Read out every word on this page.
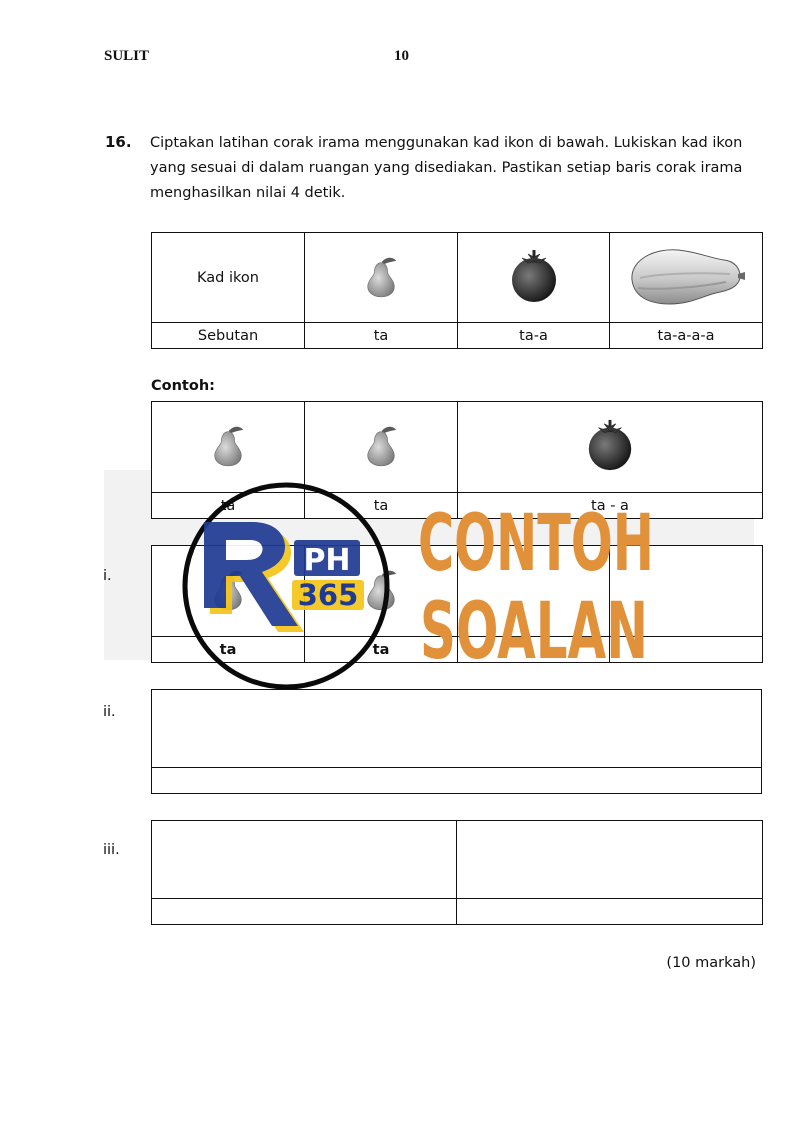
SULIT	10
16. Ciptakan latihan corak irama menggunakan kad ikon di bawah. Lukiskan kad ikon yang sesuai di dalam ruangan yang disediakan. Pastikan setiap baris corak irama menghasilkan nilai 4 detik.
Kad ikon			
Sebutan	ta	ta-a	ta-a-a-a
Contoh:

ta	ta	ta - a
i.

ta	ta		
ii.

iii.

(10 markah)
PH
365
CONTOH
SOALAN
